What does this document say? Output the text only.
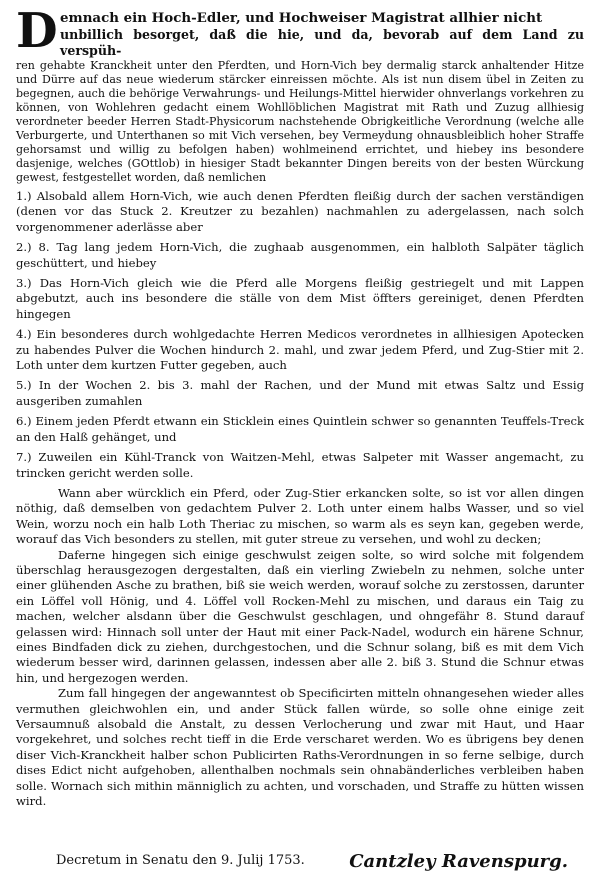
D emnach ein Hoch-Edler, und Hochweiser Magistrat allhier nicht

unbillich besorget, daß die hie, und da, bevorab auf dem Land zu verspüh-

ren gehabte Kranckheit unter den Pferdten, und Horn-Vich bey dermalig starck anhaltender Hitze und Dürre auf das neue wiederum stärcker einreissen möchte. Als ist nun disem übel in Zeiten zu begegnen, auch die behörige Verwahrungs- und Heilungs-Mittel hierwider ohnverlangs vorkehren zu können, von Wohlehren gedacht einem Wohllöblichen Magistrat mit Rath und Zuzug allhiesig verordneter beeder Herren Stadt-Physicorum nachstehende Obrigkeitliche Verordnung (welche alle Verburgerte, und Unterthanen so mit Vich versehen, bey Vermeydung ohnausbleiblich hoher Straffe gehorsamst und willig zu befolgen haben) wohlmeinend errichtet, und hiebey ins besondere dasjenige, welches (GOttlob) in hiesiger Stadt bekannter Dingen bereits von der besten Würckung gewest, festgestellet worden, daß nemlichen

1.) Alsobald allem Horn-Vich, wie auch denen Pferdten fleißig durch der sachen verständigen (denen vor das Stuck 2. Kreutzer zu bezahlen) nachmahlen zu adergelassen, nach solch vorgenommener aderlässe aber

2.) 8. Tag lang jedem Horn-Vich, die zughaab ausgenommen, ein halbloth Salpäter täglich geschüttert, und hiebey

3.) Das Horn-Vich gleich wie die Pferd alle Morgens fleißig gestriegelt und mit Lappen abgebutzt, auch ins besondere die ställe von dem Mist öffters gereiniget, denen Pferdten hingegen

4.) Ein besonderes durch wohlgedachte Herren Medicos verordnetes in allhiesigen Apotecken zu habendes Pulver die Wochen hindurch 2. mahl, und zwar jedem Pferd, und Zug-Stier mit 2. Loth unter dem kurtzen Futter gegeben, auch

5.) In der Wochen 2. bis 3. mahl der Rachen, und der Mund mit etwas Saltz und Essig ausgeriben zumahlen

6.) Einem jeden Pferdt etwann ein Sticklein eines Quintlein schwer so genannten Teuffels-Treck an den Halß gehänget, und

7.) Zuweilen ein Kühl-Tranck von Waitzen-Mehl, etwas Salpeter mit Wasser angemacht, zu trincken gericht werden solle.

Wann aber würcklich ein Pferd, oder Zug-Stier erkancken solte, so ist vor allen dingen nöthig, daß demselben von gedachtem Pulver 2. Loth unter einem halbs Wasser, und so viel Wein, worzu noch ein halb Loth Theriac zu mischen, so warm als es seyn kan, gegeben werde, worauf das Vich besonders zu stellen, mit guter streue zu versehen, und wohl zu decken;

Daferne hingegen sich einige geschwulst zeigen solte, so wird solche mit folgendem überschlag herausgezogen dergestalten, daß ein vierling Zwiebeln zu nehmen, solche unter einer glühenden Asche zu brathen, biß sie weich werden, worauf solche zu zerstossen, darunter ein Löffel voll Hönig, und 4. Löffel voll Rocken-Mehl zu mischen, und daraus ein Taig zu machen, welcher alsdann über die Geschwulst geschlagen, und ohngefähr 8. Stund darauf gelassen wird: Hinnach soll unter der Haut mit einer Pack-Nadel, wodurch ein härene Schnur, eines Bindfaden dick zu ziehen, durchgestochen, und die Schnur solang, biß es mit dem Vich wiederum besser wird, darinnen gelassen, indessen aber alle 2. biß 3. Stund die Schnur etwas hin, und hergezogen werden.

Zum fall hingegen der angewanntest ob Specificirten mitteln ohnangesehen wieder alles vermuthen gleichwohlen ein, und ander Stück fallen würde, so solle ohne einige zeit Versaumnuß alsobald die Anstalt, zu dessen Verlocherung und zwar mit Haut, und Haar vorgekehret, und solches recht tieff in die Erde verscharet werden. Wo es übrigens bey denen diser Vich-Kranckheit halber schon Publicirten Raths-Verordnungen in so ferne selbige, durch dises Edict nicht aufgehoben, allenthalben nochmals sein ohnabänderliches verbleiben haben solle. Wornach sich mithin männiglich zu achten, und vorschaden, und Straffe zu hütten wissen wird.

Decretum in Senatu den 9. Julij 1753. Cantzley Ravenspurg.
